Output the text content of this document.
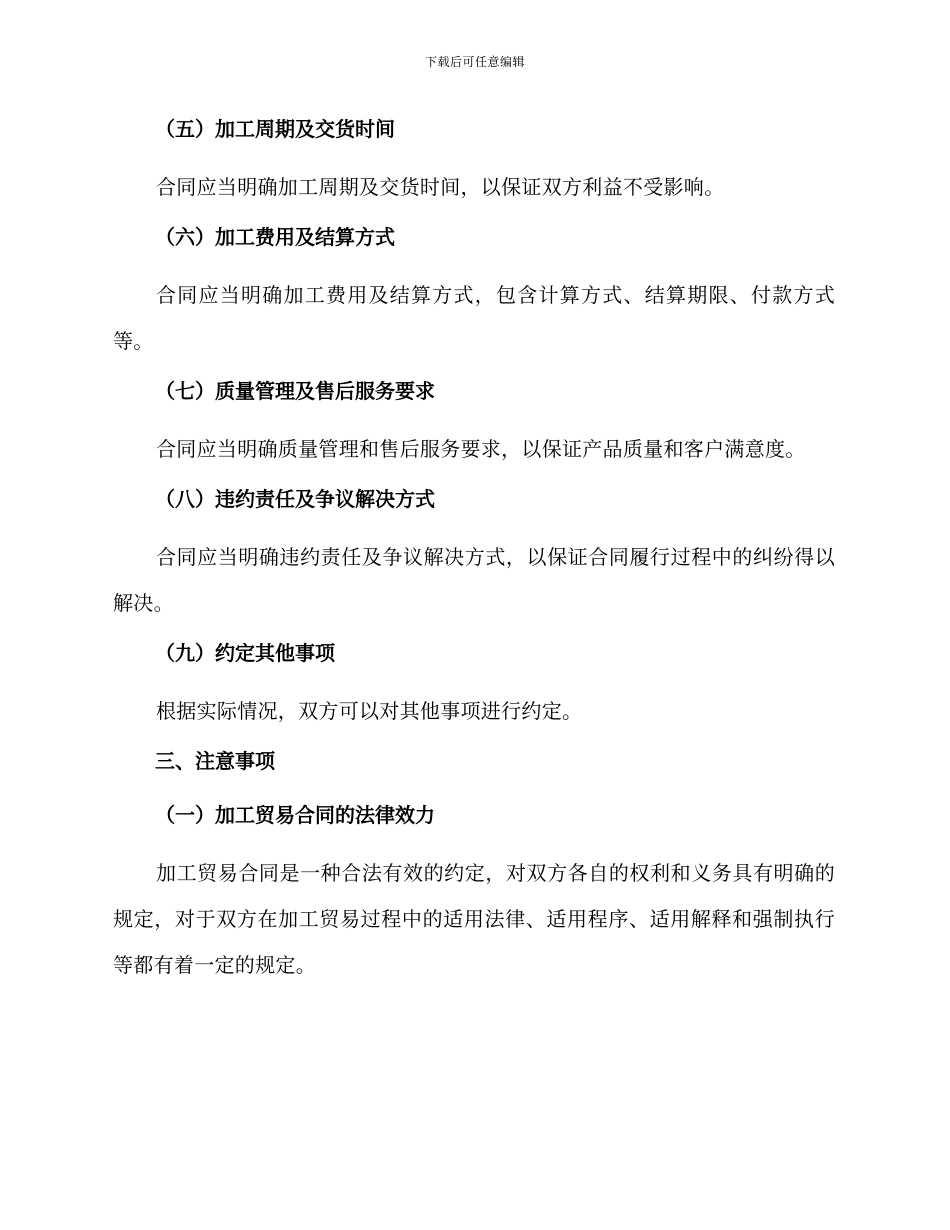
下载后可任意编辑
（五）加工周期及交货时间

合同应当明确加工周期及交货时间，以保证双方利益不受影响。

（六）加工费用及结算方式

合同应当明确加工费用及结算方式，包含计算方式、结算期限、付款方式等。

（七）质量管理及售后服务要求

合同应当明确质量管理和售后服务要求，以保证产品质量和客户满意度。

（八）违约责任及争议解决方式

合同应当明确违约责任及争议解决方式，以保证合同履行过程中的纠纷得以解决。

（九）约定其他事项

根据实际情况，双方可以对其他事项进行约定。

三、注意事项
（一）加工贸易合同的法律效力

加工贸易合同是一种合法有效的约定，对双方各自的权利和义务具有明确的规定，对于双方在加工贸易过程中的适用法律、适用程序、适用解释和强制执行等都有着一定的规定。
